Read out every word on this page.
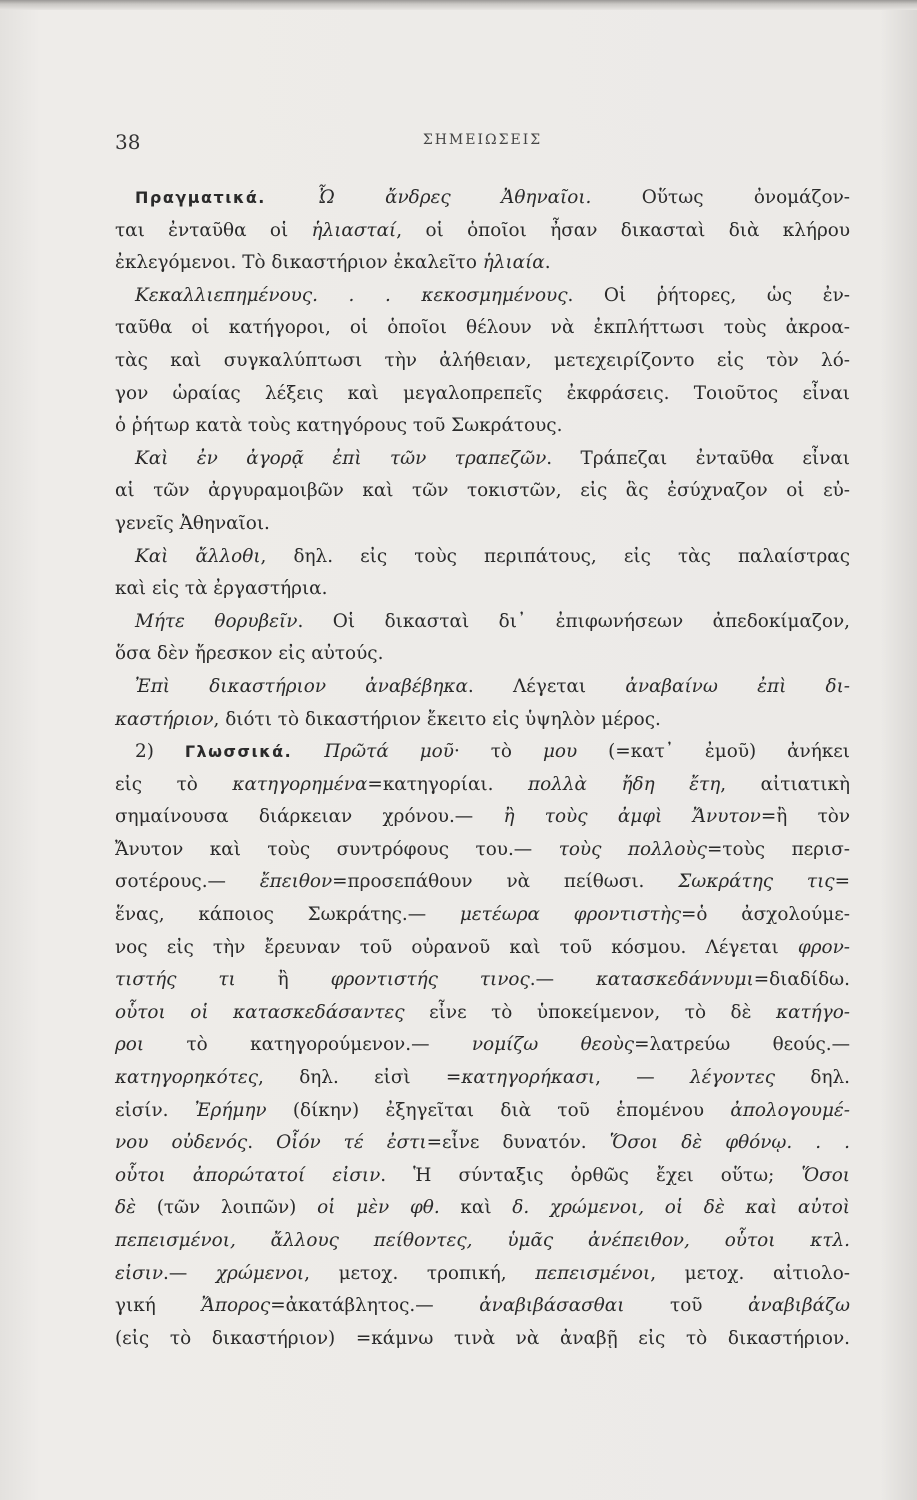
38	ΣΗΜΕΙΩΣΕΙΣ
Πραγματικά. Ὦ ἄνδρες Ἀθηναῖοι. Οὕτως ὀνομάζον-
ται ἐνταῦθα οἱ ἡλιασταί, οἱ ὁποῖοι ἦσαν δικασταὶ διὰ κλήρου
ἐκλεγόμενοι. Τὸ δικαστήριον ἐκαλεῖτο ἡλιαία.
Κεκαλλιεπημένους. . . κεκοσμημένους. Οἱ ῥήτορες, ὡς ἐν-
ταῦθα οἱ κατήγοροι, οἱ ὁποῖοι θέλουν νὰ ἐκπλήττωσι τοὺς ἀκροα-
τὰς καὶ συγκαλύπτωσι τὴν ἀλήθειαν, μετεχειρίζοντο εἰς τὸν λό-
γον ὡραίας λέξεις καὶ μεγαλοπρεπεῖς ἐκφράσεις. Τοιοῦτος εἶναι
ὁ ῥήτωρ κατὰ τοὺς κατηγόρους τοῦ Σωκράτους.
Καὶ ἐν ἀγορᾷ ἐπὶ τῶν τραπεζῶν. Τράπεζαι ἐνταῦθα εἶναι
αἱ τῶν ἀργυραμοιβῶν καὶ τῶν τοκιστῶν, εἰς ἃς ἐσύχναζον οἱ εὐ-
γενεῖς Ἀθηναῖοι.
Καὶ ἄλλοθι, δηλ. εἰς τοὺς περιπάτους, εἰς τὰς παλαίστρας
καὶ εἰς τὰ ἐργαστήρια.
Μήτε θορυβεῖν. Οἱ δικασταὶ δι᾽ ἐπιφωνήσεων ἀπεδοκίμαζον,
ὅσα δὲν ἤρεσκον εἰς αὐτούς.
Ἐπὶ δικαστήριον ἀναβέβηκα. Λέγεται ἀναβαίνω ἐπὶ δι-
καστήριον, διότι τὸ δικαστήριον ἔκειτο εἰς ὑψηλὸν μέρος.
2) Γλωσσικά. Πρῶτά μοῦ· τὸ μου (=κατ᾽ ἐμοῦ) ἀνήκει
εἰς τὸ κατηγορημένα=κατηγορίαι. πολλὰ ἤδη ἔτη, αἰτιατικὴ
σημαίνουσα διάρκειαν χρόνου.— ἢ τοὺς ἀμφὶ Ἄνυτον=ἢ τὸν
Ἄνυτον καὶ τοὺς συντρόφους του.— τοὺς πολλοὺς=τοὺς περισ-
σοτέρους.— ἔπειθον=προσεπάθουν νὰ πείθωσι. Σωκράτης τις=
ἕνας, κάποιος Σωκράτης.— μετέωρα φροντιστὴς=ὁ ἀσχολούμε-
νος εἰς τὴν ἔρευναν τοῦ οὐρανοῦ καὶ τοῦ κόσμου. Λέγεται φρον-
τιστής τι ἢ φροντιστής τινος.— κατασκεδάννυμι=διαδίδω.
οὗτοι οἱ κατασκεδάσαντες εἶνε τὸ ὑποκείμενον, τὸ δὲ κατήγο-
ροι τὸ κατηγορούμενον.— νομίζω θεοὺς=λατρεύω θεούς.—
κατηγορηκότες, δηλ. εἰσὶ =κατηγορήκασι, — λέγοντες δηλ.
εἰσίν. Ἐρήμην (δίκην) ἐξηγεῖται διὰ τοῦ ἑπομένου ἀπολογουμέ-
νου οὐδενός. Οἷόν τέ ἐστι=εἶνε δυνατόν. Ὅσοι δὲ φθόνῳ. . .
οὗτοι ἀπορώτατοί εἰσιν. Ἡ σύνταξις ὀρθῶς ἔχει οὕτω; Ὅσοι
δὲ (τῶν λοιπῶν) οἱ μὲν φθ. καὶ δ. χρώμενοι, οἱ δὲ καὶ αὐτοὶ
πεπεισμένοι, ἄλλους πείθοντες, ὑμᾶς ἀνέπειθον, οὗτοι κτλ.
εἰσιν.— χρώμενοι, μετοχ. τροπική, πεπεισμένοι, μετοχ. αἰτιολο-
γική Ἄπορος=ἀκατάβλητος.— ἀναβιβάσασθαι τοῦ ἀναβιβάζω
(εἰς τὸ δικαστήριον) =κάμνω τινὰ νὰ ἀναβῇ εἰς τὸ δικαστήριον.
